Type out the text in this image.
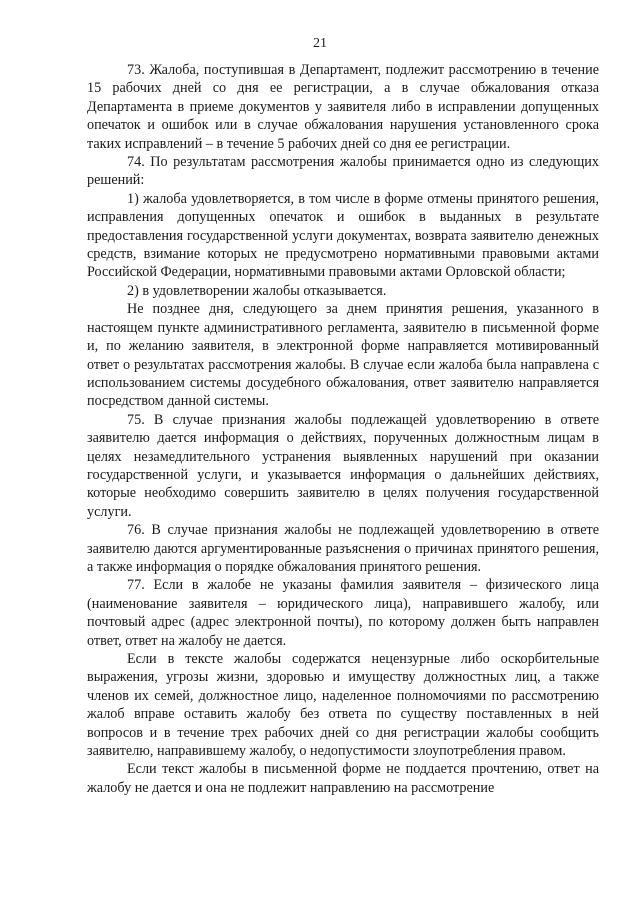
21

73. Жалоба, поступившая в Департамент, подлежит рассмотрению в течение 15 рабочих дней со дня ее регистрации, а в случае обжалования отказа Департамента в приеме документов у заявителя либо в исправлении допущенных опечаток и ошибок или в случае обжалования нарушения установленного срока таких исправлений – в течение 5 рабочих дней со дня ее регистрации.

74. По результатам рассмотрения жалобы принимается одно из следующих решений:

1) жалоба удовлетворяется, в том числе в форме отмены принятого решения, исправления допущенных опечаток и ошибок в выданных в результате предоставления государственной услуги документах, возврата заявителю денежных средств, взимание которых не предусмотрено нормативными правовыми актами Российской Федерации, нормативными правовыми актами Орловской области;

2) в удовлетворении жалобы отказывается.

Не позднее дня, следующего за днем принятия решения, указанного в настоящем пункте административного регламента, заявителю в письменной форме и, по желанию заявителя, в электронной форме направляется мотивированный ответ о результатах рассмотрения жалобы. В случае если жалоба была направлена с использованием системы досудебного обжалования, ответ заявителю направляется посредством данной системы.

75. В случае признания жалобы подлежащей удовлетворению в ответе заявителю дается информация о действиях, порученных должностным лицам в целях незамедлительного устранения выявленных нарушений при оказании государственной услуги, и указывается информация о дальнейших действиях, которые необходимо совершить заявителю в целях получения государственной услуги.

76. В случае признания жалобы не подлежащей удовлетворению в ответе заявителю даются аргументированные разъяснения о причинах принятого решения, а также информация о порядке обжалования принятого решения.

77. Если в жалобе не указаны фамилия заявителя – физического лица (наименование заявителя – юридического лица), направившего жалобу, или почтовый адрес (адрес электронной почты), по которому должен быть направлен ответ, ответ на жалобу не дается.

Если в тексте жалобы содержатся нецензурные либо оскорбительные выражения, угрозы жизни, здоровью и имуществу должностных лиц, а также членов их семей, должностное лицо, наделенное полномочиями по рассмотрению жалоб вправе оставить жалобу без ответа по существу поставленных в ней вопросов и в течение трех рабочих дней со дня регистрации жалобы сообщить заявителю, направившему жалобу, о недопустимости злоупотребления правом.

Если текст жалобы в письменной форме не поддается прочтению, ответ на жалобу не дается и она не подлежит направлению на рассмотрение
